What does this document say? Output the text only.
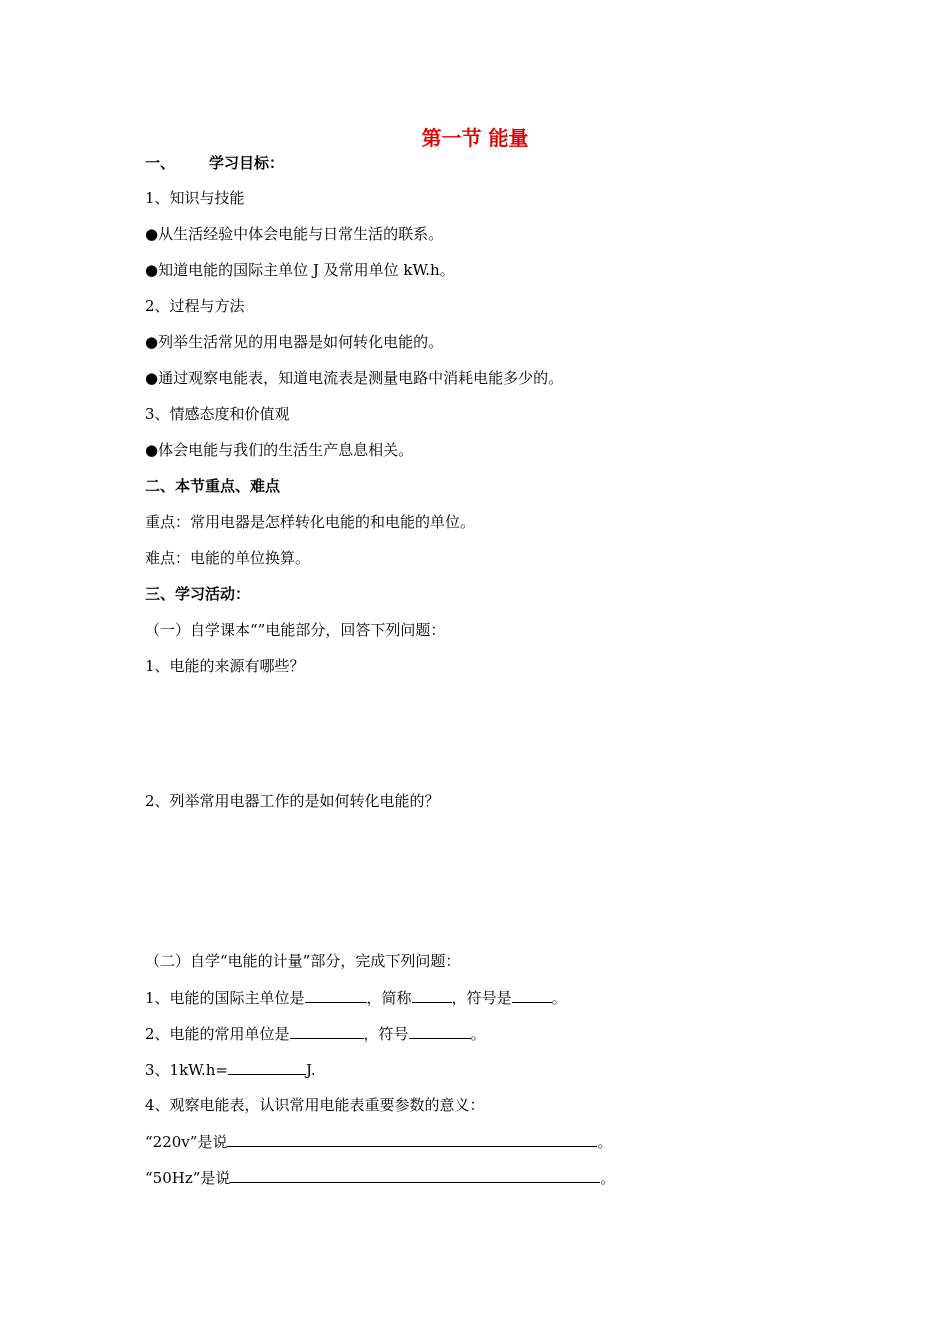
第一节 能量
一、 学习目标：
1、知识与技能
●从生活经验中体会电能与日常生活的联系。
●知道电能的国际主单位 J 及常用单位 kW.h。
2、过程与方法
●列举生活常见的用电器是如何转化电能的。
●通过观察电能表，知道电流表是测量电路中消耗电能多少的。
3、情感态度和价值观
●体会电能与我们的生活生产息息相关。
二、本节重点、难点
重点：常用电器是怎样转化电能的和电能的单位。
难点：电能的单位换算。
三、学习活动：
（一）自学课本“”电能部分，回答下列问题：
1、电能的来源有哪些？
2、列举常用电器工作的是如何转化电能的？
（二）自学“电能的计量”部分，完成下列问题：
1、电能的国际主单位是	，简称	，符号是	。
2、电能的常用单位是	，符号	。
3、1kW.h=	J.
4、观察电能表，认识常用电能表重要参数的意义：
“220v”是说	。
“50Hz”是说	。
